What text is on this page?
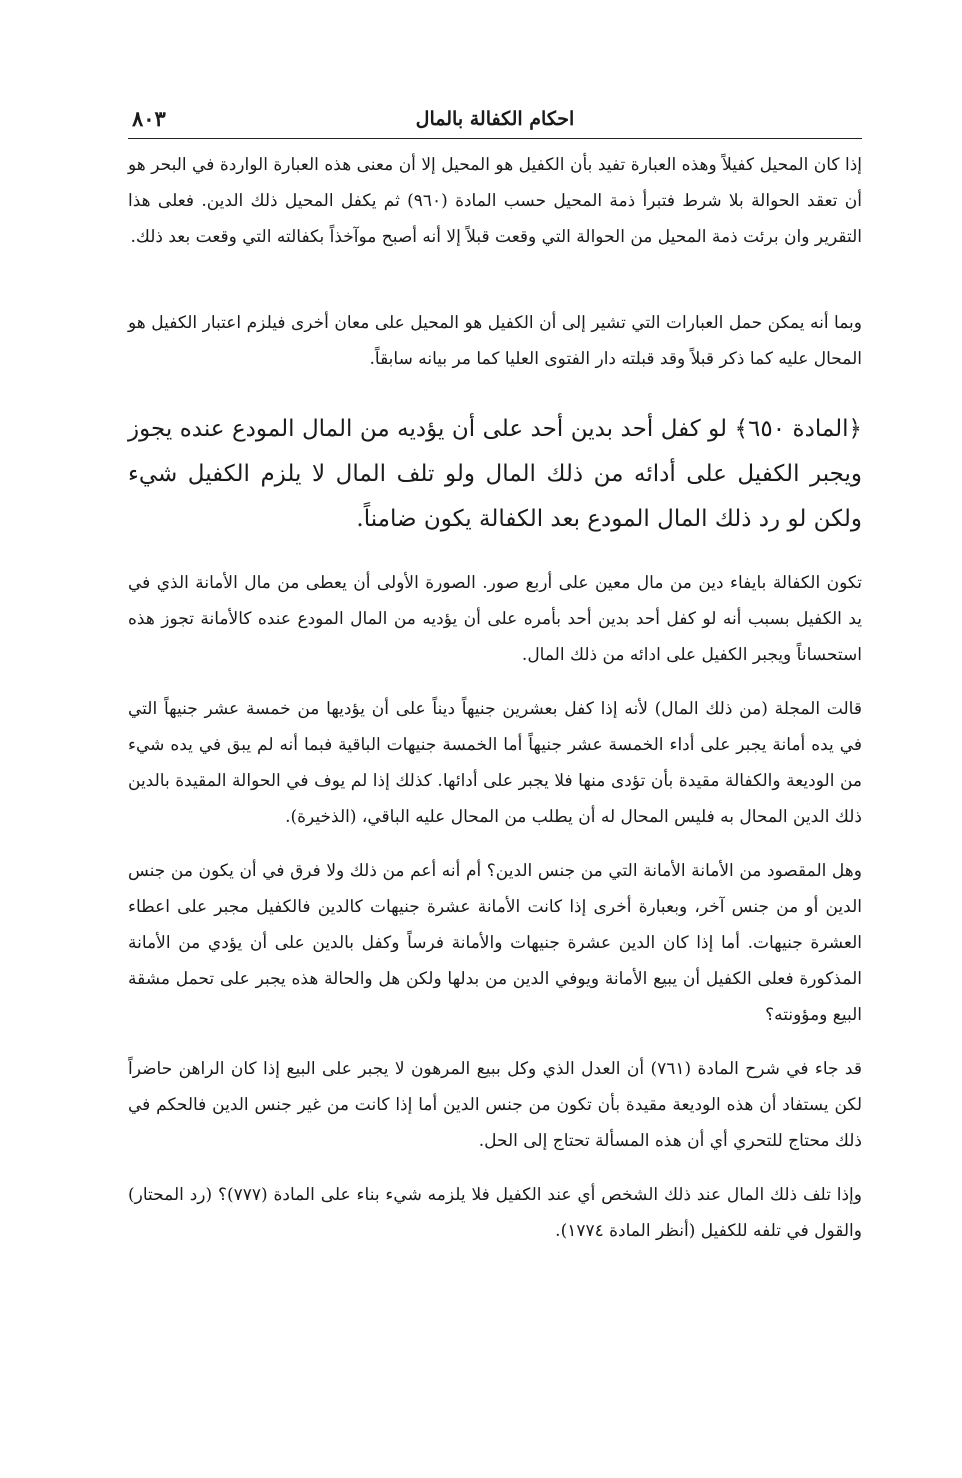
٨٠٣	احكام الكفالة بالمال

إذا كان المحيل كفيلاً وهذه العبارة تفيد بأن الكفيل هو المحيل إلا أن معنى هذه العبارة الواردة في البحر هو أن تعقد الحوالة بلا شرط فتبرأ ذمة المحيل حسب المادة (٩٦٠) ثم يكفل المحيل ذلك الدين. فعلى هذا التقرير وان برئت ذمة المحيل من الحوالة التي وقعت قبلاً إلا أنه أصبح موآخذاً بكفالته التي وقعت بعد ذلك.

وبما أنه يمكن حمل العبارات التي تشير إلى أن الكفيل هو المحيل على معان أخرى فيلزم اعتبار الكفيل هو المحال عليه كما ذكر قبلاً وقد قبلته دار الفتوى العليا كما مر بيانه سابقاً.

﴿المادة ٦٥٠﴾ لو كفل أحد بدين أحد على أن يؤديه من المال المودع عنده يجوز ويجبر الكفيل على أدائه من ذلك المال ولو تلف المال لا يلزم الكفيل شيء ولكن لو رد ذلك المال المودع بعد الكفالة يكون ضامناً.

تكون الكفالة بايفاء دين من مال معين على أربع صور. الصورة الأولى أن يعطى من مال الأمانة الذي في يد الكفيل بسبب أنه لو كفل أحد بدين أحد بأمره على أن يؤديه من المال المودع عنده كالأمانة تجوز هذه استحساناً ويجبر الكفيل على ادائه من ذلك المال.

قالت المجلة (من ذلك المال) لأنه إذا كفل بعشرين جنيهاً ديناً على أن يؤديها من خمسة عشر جنيهاً التي في يده أمانة يجبر على أداء الخمسة عشر جنيهاً أما الخمسة جنيهات الباقية فبما أنه لم يبق في يده شيء من الوديعة والكفالة مقيدة بأن تؤدى منها فلا يجبر على أدائها. كذلك إذا لم يوف في الحوالة المقيدة بالدين ذلك الدين المحال به فليس المحال له أن يطلب من المحال عليه الباقي، (الذخيرة).

وهل المقصود من الأمانة الأمانة التي من جنس الدين؟ أم أنه أعم من ذلك ولا فرق في أن يكون من جنس الدين أو من جنس آخر، وبعبارة أخرى إذا كانت الأمانة عشرة جنيهات كالدين فالكفيل مجبر على اعطاء العشرة جنيهات. أما إذا كان الدين عشرة جنيهات والأمانة فرساً وكفل بالدين على أن يؤدي من الأمانة المذكورة فعلى الكفيل أن يبيع الأمانة ويوفي الدين من بدلها ولكن هل والحالة هذه يجبر على تحمل مشقة البيع ومؤونته؟

قد جاء في شرح المادة (٧٦١) أن العدل الذي وكل ببيع المرهون لا يجبر على البيع إذا كان الراهن حاضراً لكن يستفاد أن هذه الوديعة مقيدة بأن تكون من جنس الدين أما إذا كانت من غير جنس الدين فالحكم في ذلك محتاج للتحري أي أن هذه المسألة تحتاج إلى الحل.

وإذا تلف ذلك المال عند ذلك الشخص أي عند الكفيل فلا يلزمه شيء بناء على المادة (٧٧٧)؟ (رد المحتار) والقول في تلفه للكفيل (أنظر المادة ١٧٧٤).
